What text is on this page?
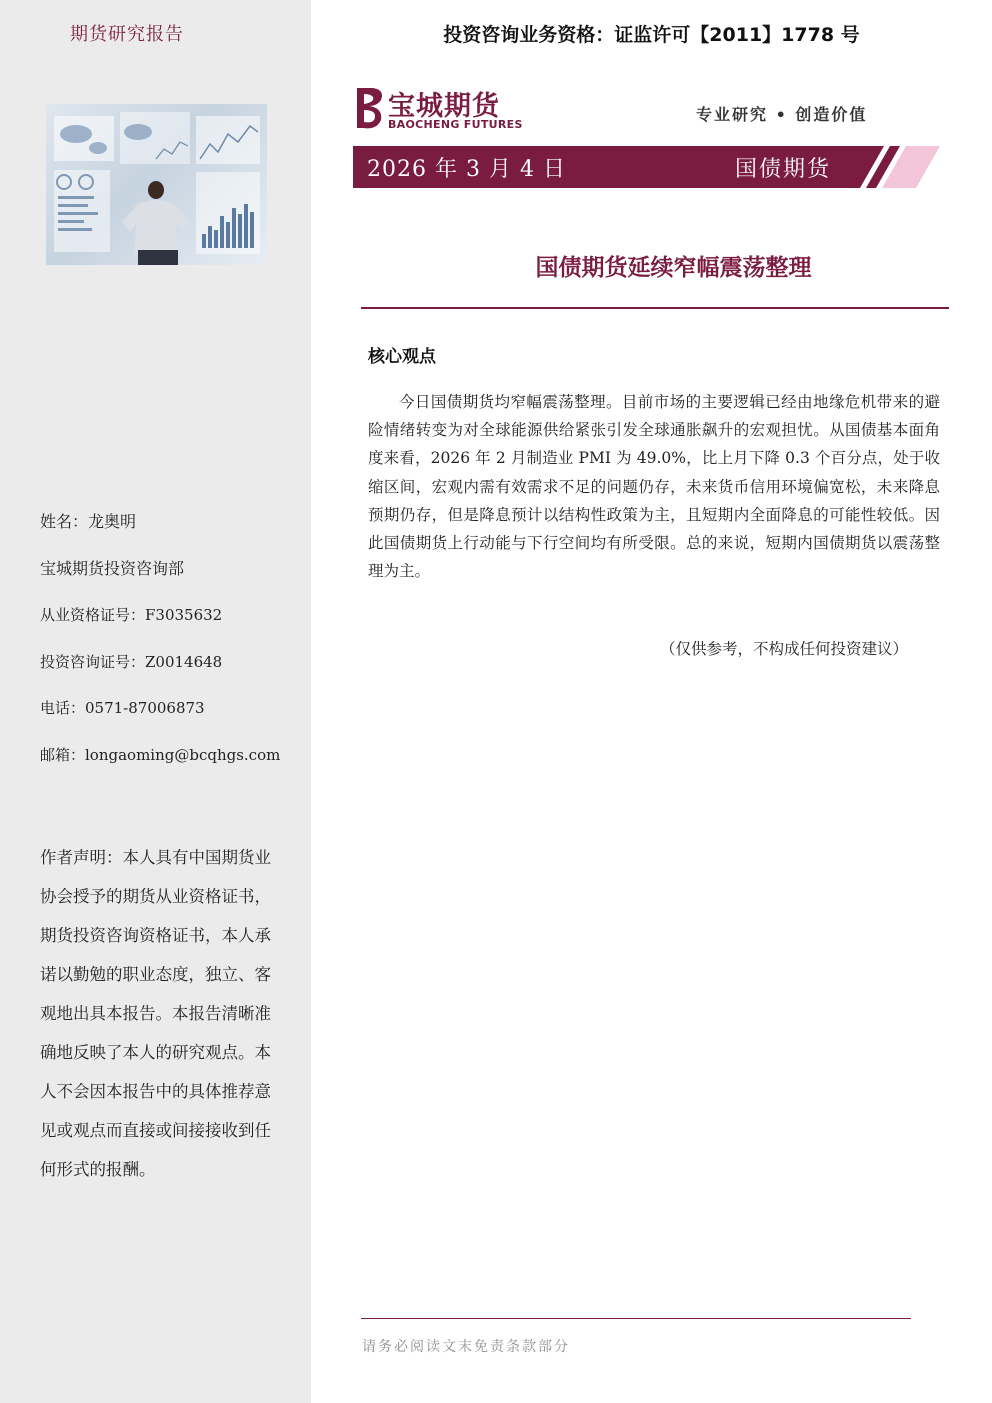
期货研究报告
姓名：龙奥明
宝城期货投资咨询部
从业资格证号：F3035632
投资咨询证号：Z0014648
电话：0571-87006873
邮箱：longaoming@bcqhgs.com
作者声明：本人具有中国期货业协会授予的期货从业资格证书，期货投资咨询资格证书，本人承诺以勤勉的职业态度，独立、客观地出具本报告。本报告清晰准确地反映了本人的研究观点。本人不会因本报告中的具体推荐意见或观点而直接或间接接收到任何形式的报酬。
投资咨询业务资格：证监许可【2011】1778 号
宝城期货
BAOCHENG FUTURES
专业研究 • 创造价值
2026 年 3 月 4 日	国债期货
国债期货延续窄幅震荡整理
核心观点
今日国债期货均窄幅震荡整理。目前市场的主要逻辑已经由地缘危机带来的避险情绪转变为对全球能源供给紧张引发全球通胀飙升的宏观担忧。从国债基本面角度来看，2026 年 2 月制造业 PMI 为 49.0%，比上月下降 0.3 个百分点，处于收缩区间，宏观内需有效需求不足的问题仍存，未来货币信用环境偏宽松，未来降息预期仍存，但是降息预计以结构性政策为主，且短期内全面降息的可能性较低。因此国债期货上行动能与下行空间均有所受限。总的来说，短期内国债期货以震荡整理为主。
（仅供参考，不构成任何投资建议）
请务必阅读文末免责条款部分
